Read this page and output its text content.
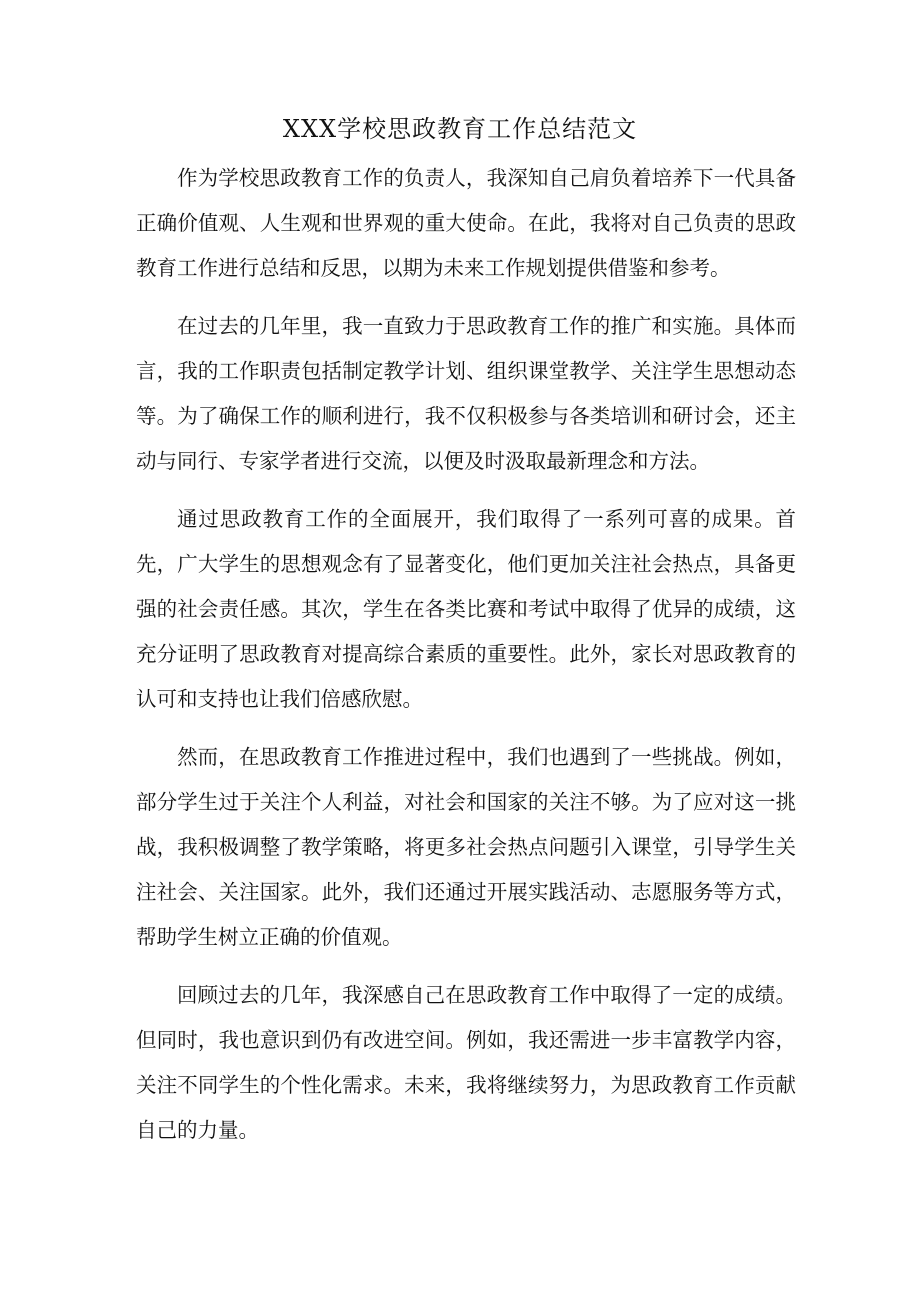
XXX学校思政教育工作总结范文

作为学校思政教育工作的负责人，我深知自己肩负着培养下一代具备正确价值观、人生观和世界观的重大使命。在此，我将对自己负责的思政教育工作进行总结和反思，以期为未来工作规划提供借鉴和参考。

在过去的几年里，我一直致力于思政教育工作的推广和实施。具体而言，我的工作职责包括制定教学计划、组织课堂教学、关注学生思想动态等。为了确保工作的顺利进行，我不仅积极参与各类培训和研讨会，还主动与同行、专家学者进行交流，以便及时汲取最新理念和方法。

通过思政教育工作的全面展开，我们取得了一系列可喜的成果。首先，广大学生的思想观念有了显著变化，他们更加关注社会热点，具备更强的社会责任感。其次，学生在各类比赛和考试中取得了优异的成绩，这充分证明了思政教育对提高综合素质的重要性。此外，家长对思政教育的认可和支持也让我们倍感欣慰。

然而，在思政教育工作推进过程中，我们也遇到了一些挑战。例如，部分学生过于关注个人利益，对社会和国家的关注不够。为了应对这一挑战，我积极调整了教学策略，将更多社会热点问题引入课堂，引导学生关注社会、关注国家。此外，我们还通过开展实践活动、志愿服务等方式，帮助学生树立正确的价值观。

回顾过去的几年，我深感自己在思政教育工作中取得了一定的成绩。但同时，我也意识到仍有改进空间。例如，我还需进一步丰富教学内容，关注不同学生的个性化需求。未来，我将继续努力，为思政教育工作贡献自己的力量。
